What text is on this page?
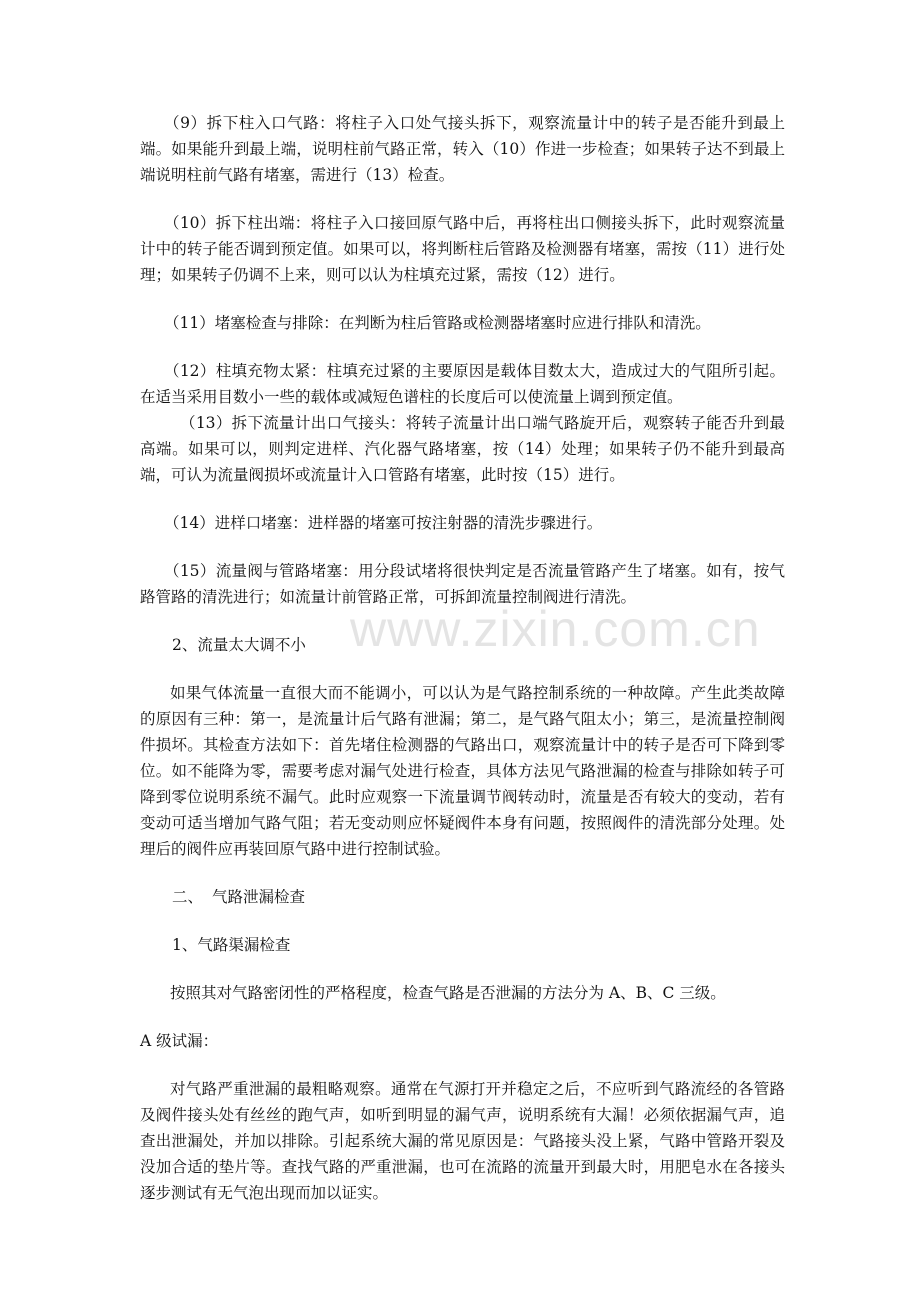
www.zixin.com.cn

（9）拆下柱入口气路：将柱子入口处气接头拆下，观察流量计中的转子是否能升到最上端。如果能升到最上端，说明柱前气路正常，转入（10）作进一步检查；如果转子达不到最上端说明柱前气路有堵塞，需进行（13）检查。

（10）拆下柱出端：将柱子入口接回原气路中后，再将柱出口侧接头拆下，此时观察流量计中的转子能否调到预定值。如果可以，将判断柱后管路及检测器有堵塞，需按（11）进行处理；如果转子仍调不上来，则可以认为柱填充过紧，需按（12）进行。

（11）堵塞检查与排除：在判断为柱后管路或检测器堵塞时应进行排队和清洗。

（12）柱填充物太紧：柱填充过紧的主要原因是载体目数太大，造成过大的气阻所引起。在适当采用目数小一些的载体或减短色谱柱的长度后可以使流量上调到预定值。

（13）拆下流量计出口气接头：将转子流量计出口端气路旋开后，观察转子能否升到最高端。如果可以，则判定进样、汽化器气路堵塞，按（14）处理；如果转子仍不能升到最高端，可认为流量阀损坏或流量计入口管路有堵塞，此时按（15）进行。

（14）进样口堵塞：进样器的堵塞可按注射器的清洗步骤进行。

（15）流量阀与管路堵塞：用分段试堵将很快判定是否流量管路产生了堵塞。如有，按气路管路的清洗进行；如流量计前管路正常，可拆卸流量控制阀进行清洗。

2、流量太大调不小

如果气体流量一直很大而不能调小，可以认为是气路控制系统的一种故障。产生此类故障的原因有三种：第一，是流量计后气路有泄漏；第二，是气路气阻太小；第三，是流量控制阀件损坏。其检查方法如下：首先堵住检测器的气路出口，观察流量计中的转子是否可下降到零位。如不能降为零，需要考虑对漏气处进行检查，具体方法见气路泄漏的检查与排除如转子可降到零位说明系统不漏气。此时应观察一下流量调节阀转动时，流量是否有较大的变动，若有变动可适当增加气路气阻；若无变动则应怀疑阀件本身有问题，按照阀件的清洗部分处理。处理后的阀件应再装回原气路中进行控制试验。

二、 气路泄漏检查

1、气路渠漏检查

按照其对气路密闭性的严格程度，检查气路是否泄漏的方法分为 A、B、C 三级。

A 级试漏：

对气路严重泄漏的最粗略观察。通常在气源打开并稳定之后，不应听到气路流经的各管路及阀件接头处有丝丝的跑气声，如听到明显的漏气声，说明系统有大漏！必须依据漏气声，追查出泄漏处，并加以排除。引起系统大漏的常见原因是：气路接头没上紧，气路中管路开裂及没加合适的垫片等。查找气路的严重泄漏，也可在流路的流量开到最大时，用肥皂水在各接头逐步测试有无气泡出现而加以证实。
